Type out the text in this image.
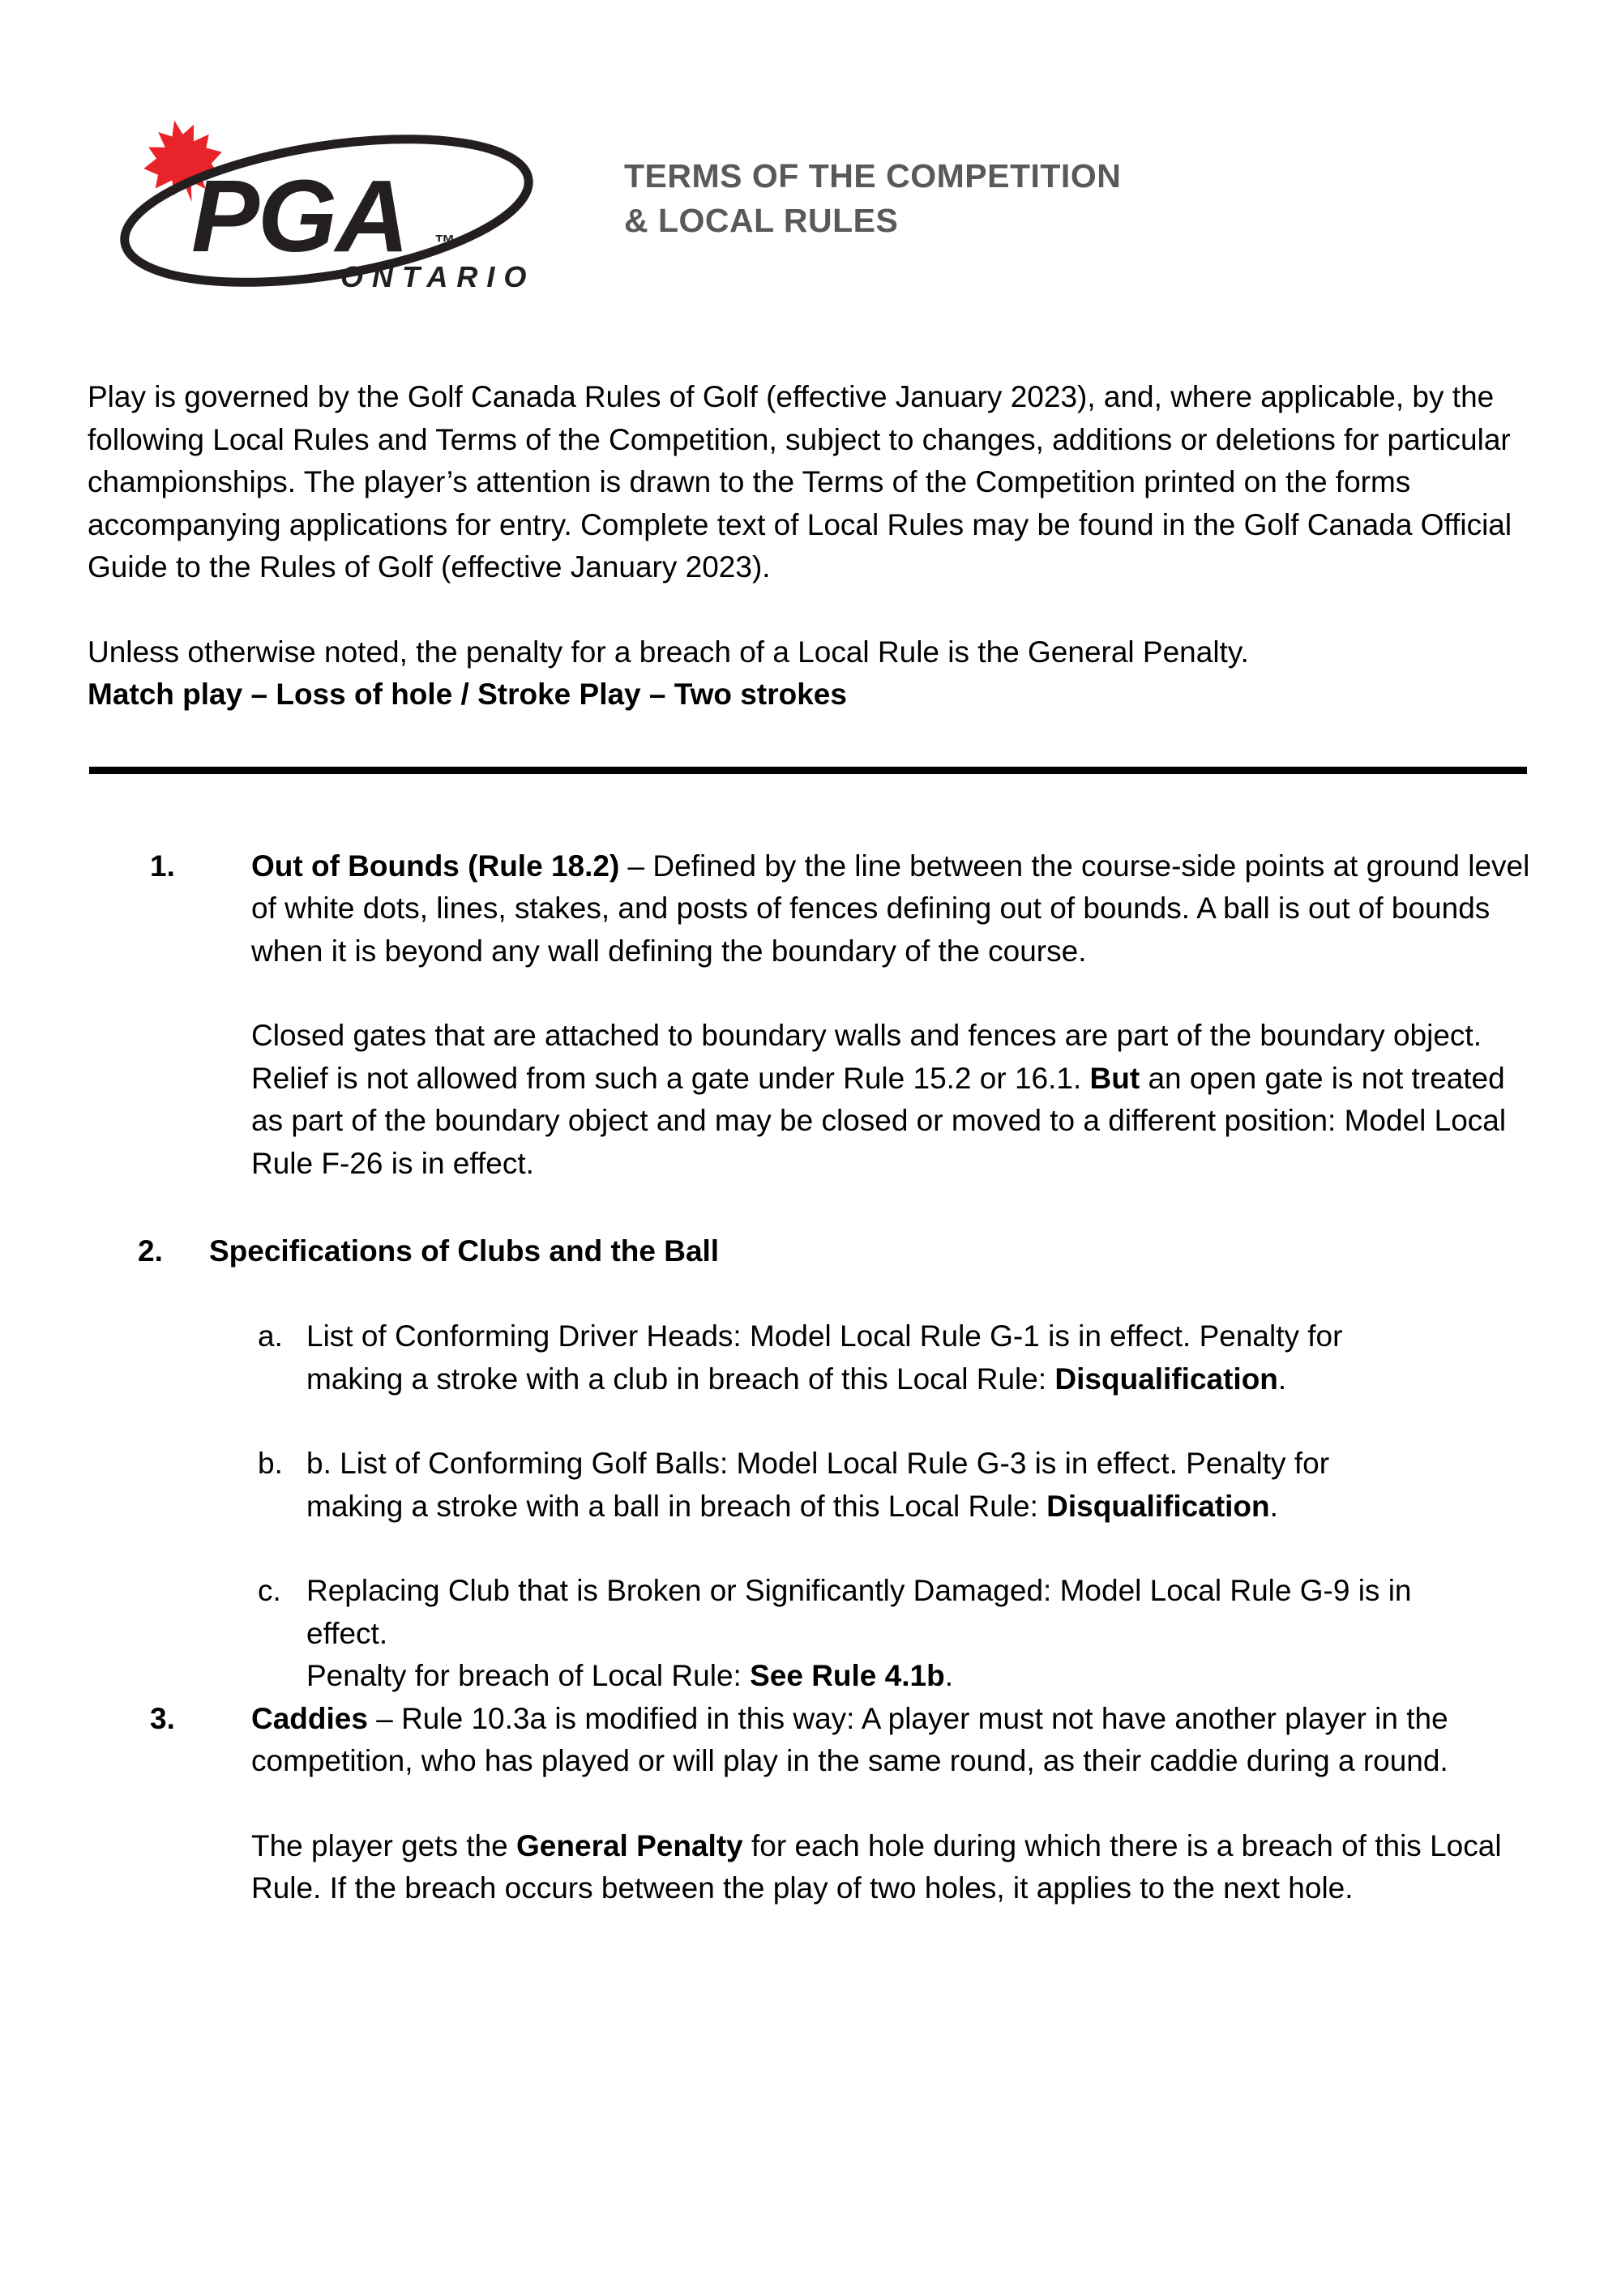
PGA ™
ONTARIO
TERMS OF THE COMPETITION
& LOCAL RULES

Play is governed by the Golf Canada Rules of Golf (effective January 2023), and, where applicable, by the following Local Rules and Terms of the Competition, subject to changes, additions or deletions for particular championships. The player’s attention is drawn to the Terms of the Competition printed on the forms accompanying applications for entry. Complete text of Local Rules may be found in the Golf Canada Official Guide to the Rules of Golf (effective January 2023).

Unless otherwise noted, the penalty for a breach of a Local Rule is the General Penalty.
Match play – Loss of hole / Stroke Play – Two strokes

1.	Out of Bounds (Rule 18.2) – Defined by the line between the course-side points at ground level of white dots, lines, stakes, and posts of fences defining out of bounds. A ball is out of bounds when it is beyond any wall defining the boundary of the course.
Closed gates that are attached to boundary walls and fences are part of the boundary object. Relief is not allowed from such a gate under Rule 15.2 or 16.1. But an open gate is not treated as part of the boundary object and may be closed or moved to a different position: Model Local Rule F-26 is in effect.
2.	Specifications of Clubs and the Ball
a. List of Conforming Driver Heads: Model Local Rule G-1 is in effect. Penalty for making a stroke with a club in breach of this Local Rule: Disqualification.
b. b. List of Conforming Golf Balls: Model Local Rule G-3 is in effect. Penalty for making a stroke with a ball in breach of this Local Rule: Disqualification.
c. Replacing Club that is Broken or Significantly Damaged: Model Local Rule G-9 is in effect.
Penalty for breach of Local Rule: See Rule 4.1b.
3.	Caddies – Rule 10.3a is modified in this way: A player must not have another player in the competition, who has played or will play in the same round, as their caddie during a round.
The player gets the General Penalty for each hole during which there is a breach of this Local Rule. If the breach occurs between the play of two holes, it applies to the next hole.
